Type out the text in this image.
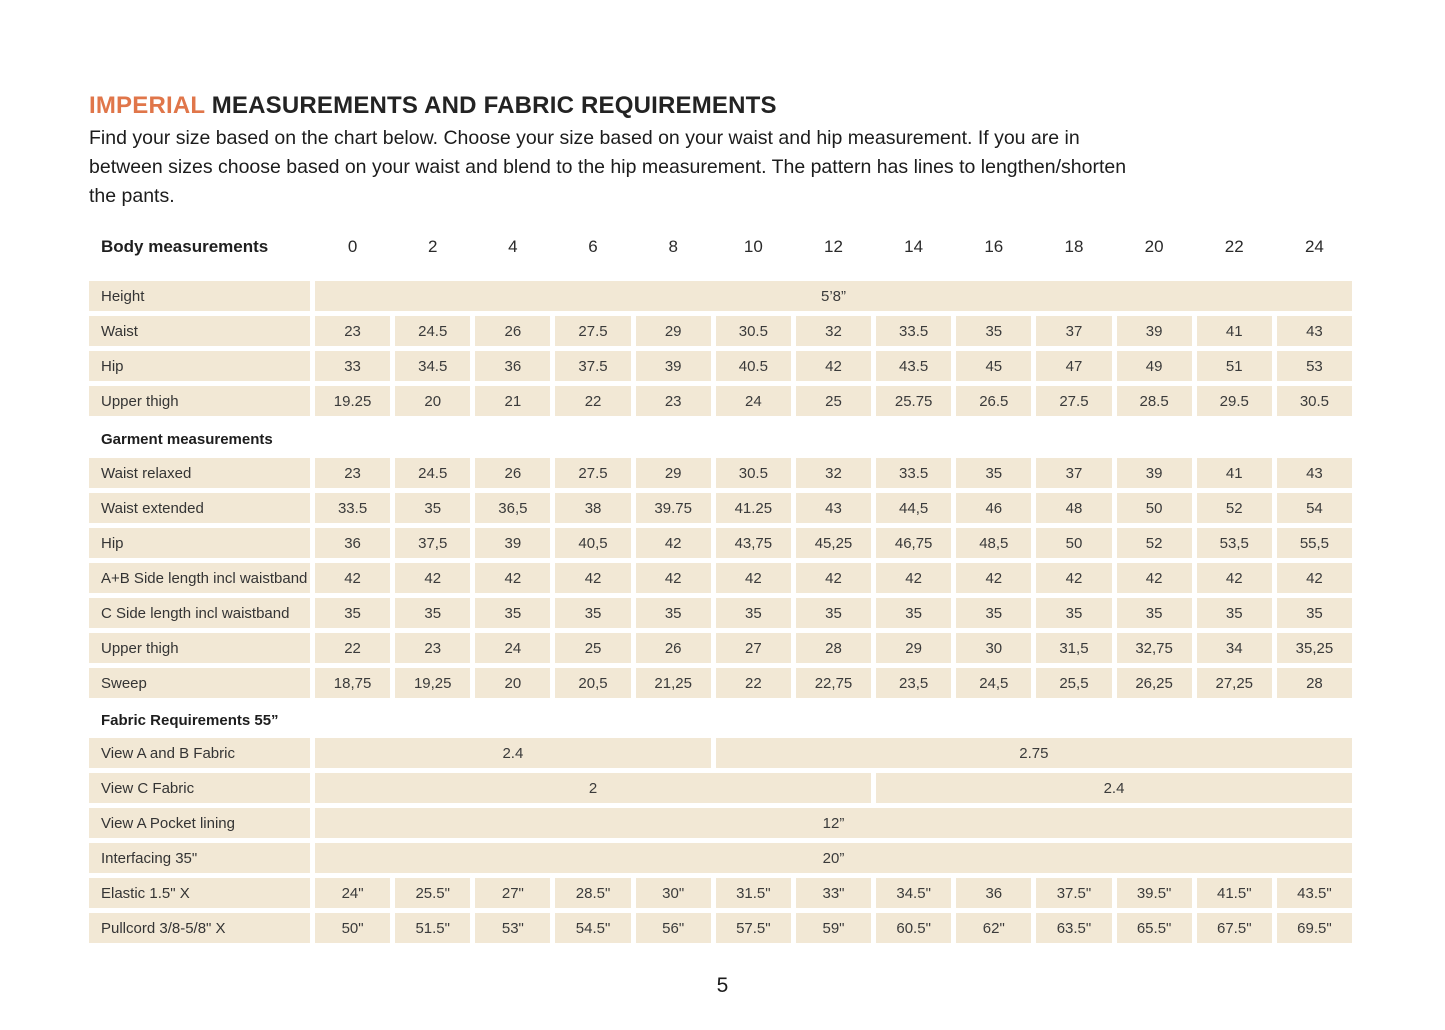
IMPERIAL MEASUREMENTS AND FABRIC REQUIREMENTS
Find your size based on the chart below. Choose your size based on your waist and hip measurement. If you are in
between sizes choose based on your waist and blend to the hip measurement. The pattern has lines to lengthen/shorten
the pants.
Body measurements	0	2	4	6	8	10	12	14	16	18	20	22	24
Height	5’8”
Waist	23	24.5	26	27.5	29	30.5	32	33.5	35	37	39	41	43
Hip	33	34.5	36	37.5	39	40.5	42	43.5	45	47	49	51	53
Upper thigh	19.25	20	21	22	23	24	25	25.75	26.5	27.5	28.5	29.5	30.5
Garment measurements
Waist relaxed	23	24.5	26	27.5	29	30.5	32	33.5	35	37	39	41	43
Waist extended	33.5	35	36,5	38	39.75	41.25	43	44,5	46	48	50	52	54
Hip	36	37,5	39	40,5	42	43,75	45,25	46,75	48,5	50	52	53,5	55,5
A+B Side length incl waistband	42	42	42	42	42	42	42	42	42	42	42	42	42
C Side length incl waistband	35	35	35	35	35	35	35	35	35	35	35	35	35
Upper thigh	22	23	24	25	26	27	28	29	30	31,5	32,75	34	35,25
Sweep	18,75	19,25	20	20,5	21,25	22	22,75	23,5	24,5	25,5	26,25	27,25	28
Fabric Requirements 55”
View A and B Fabric	2.4	2.75
View C Fabric	2	2.4
View A Pocket lining	12”
Interfacing 35"	20”
Elastic 1.5" X	24"	25.5"	27"	28.5"	30"	31.5"	33"	34.5"	36	37.5"	39.5"	41.5"	43.5"
Pullcord 3/8-5/8" X	50"	51.5"	53"	54.5"	56"	57.5"	59"	60.5"	62"	63.5"	65.5"	67.5"	69.5"
5
